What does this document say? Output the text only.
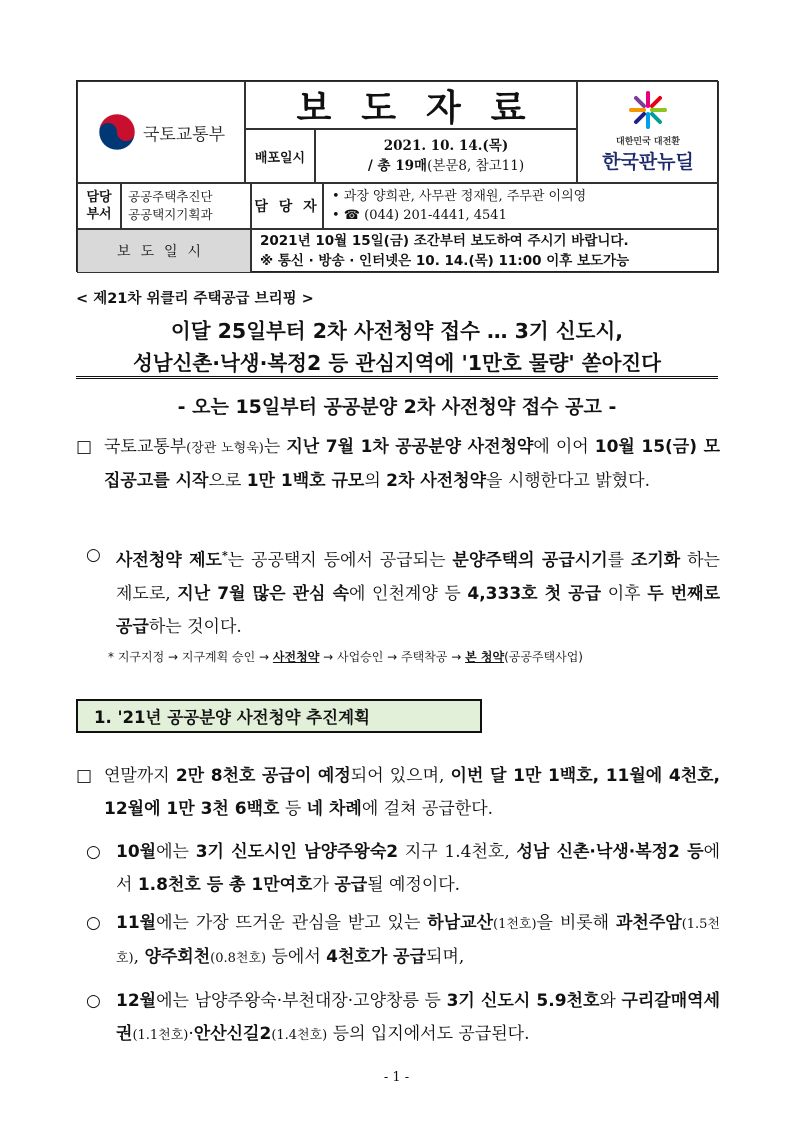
국토교통부
보도자료
배포일시
2021. 10. 14.(목)
/ 총 19매(본문8, 참고11)
대한민국 대전환
한국판뉴딜
담당
부서
공공주택추진단
공공택지기획과	담 당 자
• 과장 양희관, 사무관 정재원, 주무관 이의영
• ☎ (044) 201-4441, 4541
보도일시
2021년 10월 15일(금) 조간부터 보도하여 주시기 바랍니다.
※ 통신 · 방송 · 인터넷은 10. 14.(목) 11:00 이후 보도가능
< 제21차 위클리 주택공급 브리핑 >
이달 25일부터 2차 사전청약 접수 … 3기 신도시,
성남신촌·낙생·복정2 등 관심지역에 '1만호 물량' 쏟아진다
- 오는 15일부터 공공분양 2차 사전청약 접수 공고 -
□ 국토교통부(장관 노형욱)는 지난 7월 1차 공공분양 사전청약에 이어 10월 15(금) 모집공고를 시작으로 1만 1백호 규모의 2차 사전청약을 시행한다고 밝혔다.
○ 사전청약 제도*는 공공택지 등에서 공급되는 분양주택의 공급시기를 조기화 하는 제도로, 지난 7월 많은 관심 속에 인천계양 등 4,333호 첫 공급 이후 두 번째로 공급하는 것이다.
* 지구지정 → 지구계획 승인 → 사전청약 → 사업승인 → 주택착공 → 본 청약(공공주택사업)
1. '21년 공공분양 사전청약 추진계획
□ 연말까지 2만 8천호 공급이 예정되어 있으며, 이번 달 1만 1백호, 11월에 4천호, 12월에 1만 3천 6백호 등 네 차례에 걸쳐 공급한다.
○ 10월에는 3기 신도시인 남양주왕숙2 지구 1.4천호, 성남 신촌·낙생·복정2 등에서 1.8천호 등 총 1만여호가 공급될 예정이다.
○ 11월에는 가장 뜨거운 관심을 받고 있는 하남교산(1천호)을 비롯해 과천주암(1.5천호), 양주회천(0.8천호) 등에서 4천호가 공급되며,
○ 12월에는 남양주왕숙·부천대장·고양창릉 등 3기 신도시 5.9천호와 구리갈매역세권(1.1천호)·안산신길2(1.4천호) 등의 입지에서도 공급된다.
- 1 -
